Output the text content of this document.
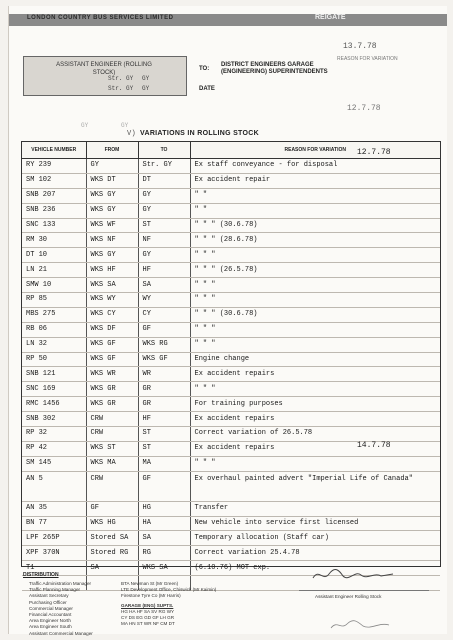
LONDON COUNTRY BUS SERVICES LIMITED	REIGATE
13.7.78
ASSISTANT ENGINEER (ROLLING STOCK)
Str. GY GY
Str. GY GY
TO:
DISTRICT ENGINEERS GARAGE (ENGINEERING) SUPERINTENDENTS
REASON FOR VARIATION
DATE
GY	GY
12.7.78
V) VARIATIONS IN ROLLING STOCK
VEHICLE NUMBER	FROM	TO	REASON FOR VARIATION
RY 239	GY	Str. GY	Ex staff conveyance - for disposal
SM 102	WKS DT	DT	Ex accident repair
SNB 207	WKS GY	GY	" "
SNB 236	WKS GY	GY	" "
SNC 133	WKS WF	ST	" " " (30.6.78)
RM 30	WKS NF	NF	" " " (28.6.78)
DT 10	WKS GY	GY	" " "
LN 21	WKS HF	HF	" " " (26.5.78)
SMW 10	WKS SA	SA	" " "
RP 85	WKS WY	WY	" " "
MBS 275	WKS CY	CY	" " " (30.6.78)
RB 06	WKS DF	GF	" " "
LN 32	WKS GF	WKS RG	" " "
RP 50	WKS GF	WKS GF	Engine change
SNB 121	WKS WR	WR	Ex accident repairs
SNC 169	WKS GR	GR	" " "
RMC 1456	WKS GR	GR	For training purposes
SNB 302	CRW	HF	Ex accident repairs
RP 32	CRW	ST	Correct variation of 26.5.78
RP 42	WKS ST	ST	Ex accident repairs
SM 145	WKS MA	MA	" " "
AN 5	CRW	GF	Ex overhaul painted advert "Imperial Life of Canada"
AN 35	GF	HG	Transfer
BN 77	WKS HG	HA	New vehicle into service first licensed
LPF 265P	Stored SA	SA	Temporary allocation (Staff car)
XPF 370N	Stored RG	RG	Correct variation 25.4.78
T1	SA	WKS SA	(6.10.76) MOT exp.

12.7.78
14.7.78
DISTRIBUTION
Traffic Administration Manager
Traffic Planning Manager
Assistant Secretary
Purchasing Officer
Commercial Manager
Financial Accountant
Area Engineer North
Area Engineer South
Assistant Commercial Manager
BTA Newman St (Mr Green)
LTE Development Office, Chiswick (Mr Kaimin)
Firestone Tyre Co (Mr Harris)
GARAGE (ENG) SUPTS.
HG HA HF SA SV RG WY
CY DS EG GD GF LH GR
MA HN ST WR NF CM DT
Assistant Engineer Rolling Stock
